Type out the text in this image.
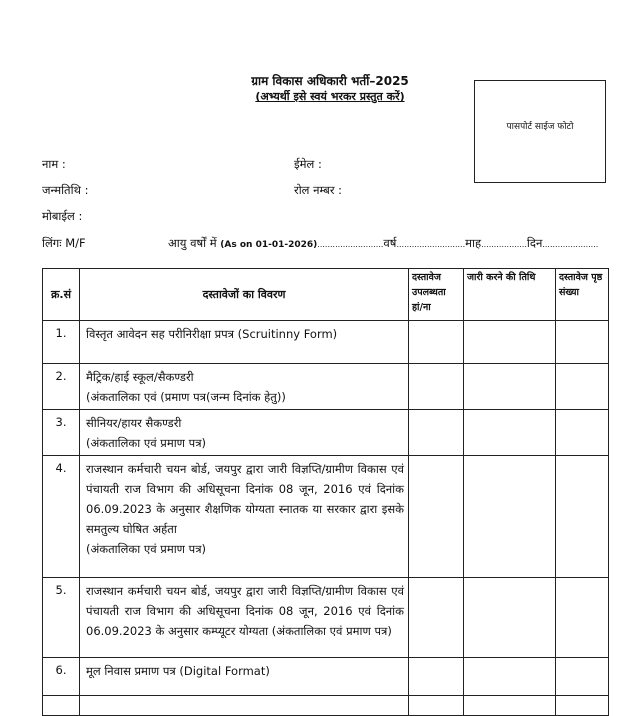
ग्राम विकास अधिकारी भर्ती–2025
(अभ्यर्थी इसे स्वयं भरकर प्रस्तुत करें)
पासपोर्ट साईज फोटो
नाम :	ईमेल :
जन्मतिथि :	रोल नम्बर :
मोबाईल :
लिंगः M/F	आयु वर्षों में (As on 01-01-2026)..........................वर्ष...........................माह..................दिन......................
क्र.सं	दस्तावेजों का विवरण	दस्तावेज उपलब्धता हां/ना	जारी करने की तिथि	दस्तावेज पृष्ठ संख्या
1.	विस्तृत आवेदन सह परीनिरीक्षा प्रपत्र (Scruitinny Form)			

2.	मैट्रिक/हाई स्कूल/सैकण्डरी
(अंकतालिका एवं (प्रमाण पत्र(जन्म दिनांक हेतु))			

3.	सीनियर/हायर सैकण्डरी
(अंकतालिका एवं प्रमाण पत्र)			

4.	राजस्थान कर्मचारी चयन बोर्ड, जयपुर द्वारा जारी विज्ञप्ति/ग्रामीण विकास एवं पंचायती राज विभाग की अधिसूचना दिनांक 08 जून, 2016 एवं दिनांक 06.09.2023 के अनुसार शैक्षणिक योग्यता स्नातक या सरकार द्वारा इसके समतुल्य घोषित अर्हता
(अंकतालिका एवं प्रमाण पत्र)			

5.	राजस्थान कर्मचारी चयन बोर्ड, जयपुर द्वारा जारी विज्ञप्ति/ग्रामीण विकास एवं पंचायती राज विभाग की अधिसूचना दिनांक 08 जून, 2016 एवं दिनांक 06.09.2023 के अनुसार कम्प्यूटर योग्यता (अंकतालिका एवं प्रमाण पत्र)			

6.	मूल निवास प्रमाण पत्र (Digital Format)			
